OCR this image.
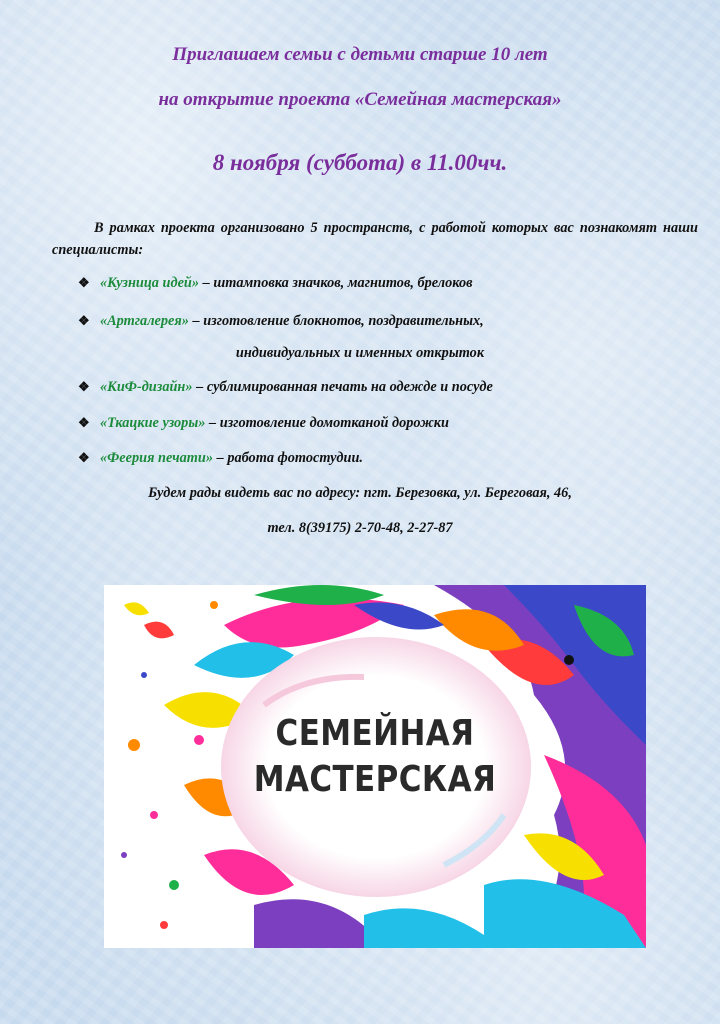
Приглашаем семьи с детьми старше 10 лет
на открытие проекта «Семейная мастерская»
8 ноября (суббота) в 11.00чч.
В рамках проекта организовано 5 пространств, с работой которых вас познакомят наши специалисты:
❖ «Кузница идей» – штамповка значков, магнитов, брелоков
❖ «Артгалерея» – изготовление блокнотов, поздравительных,
индивидуальных и именных открыток
❖ «КиФ-дизайн» – сублимированная печать на одежде и посуде
❖ «Ткацкие узоры» – изготовление домотканой дорожки
❖ «Феерия печати» – работа фотостудии.
Будем рады видеть вас по адресу: пгт. Березовка, ул. Береговая, 46,
тел. 8(39175) 2-70-48, 2-27-87
СЕМЕЙНАЯ
МАСТЕРСКАЯ
